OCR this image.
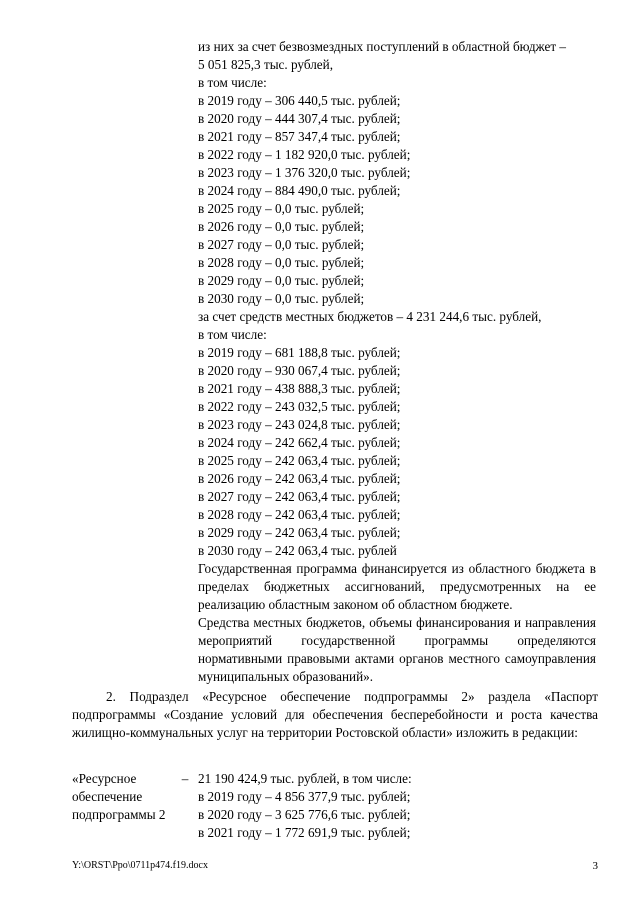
из них за счет безвозмездных поступлений в областной бюджет –
5 051 825,3 тыс. рублей,
в том числе:
в 2019 году – 306 440,5 тыс. рублей;
в 2020 году – 444 307,4 тыс. рублей;
в 2021 году – 857 347,4 тыс. рублей;
в 2022 году – 1 182 920,0 тыс. рублей;
в 2023 году – 1 376 320,0 тыс. рублей;
в 2024 году – 884 490,0 тыс. рублей;
в 2025 году – 0,0 тыс. рублей;
в 2026 году – 0,0 тыс. рублей;
в 2027 году – 0,0 тыс. рублей;
в 2028 году – 0,0 тыс. рублей;
в 2029 году – 0,0 тыс. рублей;
в 2030 году – 0,0 тыс. рублей;
за счет средств местных бюджетов – 4 231 244,6 тыс. рублей,
в том числе:
в 2019 году – 681 188,8 тыс. рублей;
в 2020 году – 930 067,4 тыс. рублей;
в 2021 году – 438 888,3 тыс. рублей;
в 2022 году – 243 032,5 тыс. рублей;
в 2023 году – 243 024,8 тыс. рублей;
в 2024 году – 242 662,4 тыс. рублей;
в 2025 году – 242 063,4 тыс. рублей;
в 2026 году – 242 063,4 тыс. рублей;
в 2027 году – 242 063,4 тыс. рублей;
в 2028 году – 242 063,4 тыс. рублей;
в 2029 году – 242 063,4 тыс. рублей;
в 2030 году – 242 063,4 тыс. рублей
Государственная программа финансируется из областного бюджета в пределах бюджетных ассигнований, предусмотренных на ее реализацию областным законом об областном бюджете.
Средства местных бюджетов, объемы финансирования и направления мероприятий государственной программы определяются нормативными правовыми актами органов местного самоуправления муниципальных образований».
2. Подраздел «Ресурсное обеспечение подпрограммы 2» раздела «Паспорт подпрограммы «Создание условий для обеспечения бесперебойности и роста качества жилищно-коммунальных услуг на территории Ростовской области» изложить в редакции:
«Ресурсное
обеспечение
подпрограммы 2
– 21 190 424,9 тыс. рублей, в том числе:
в 2019 году – 4 856 377,9 тыс. рублей;
в 2020 году – 3 625 776,6 тыс. рублей;
в 2021 году – 1 772 691,9 тыс. рублей;
Y:\ORST\Ppo\0711p474.f19.docx	3
